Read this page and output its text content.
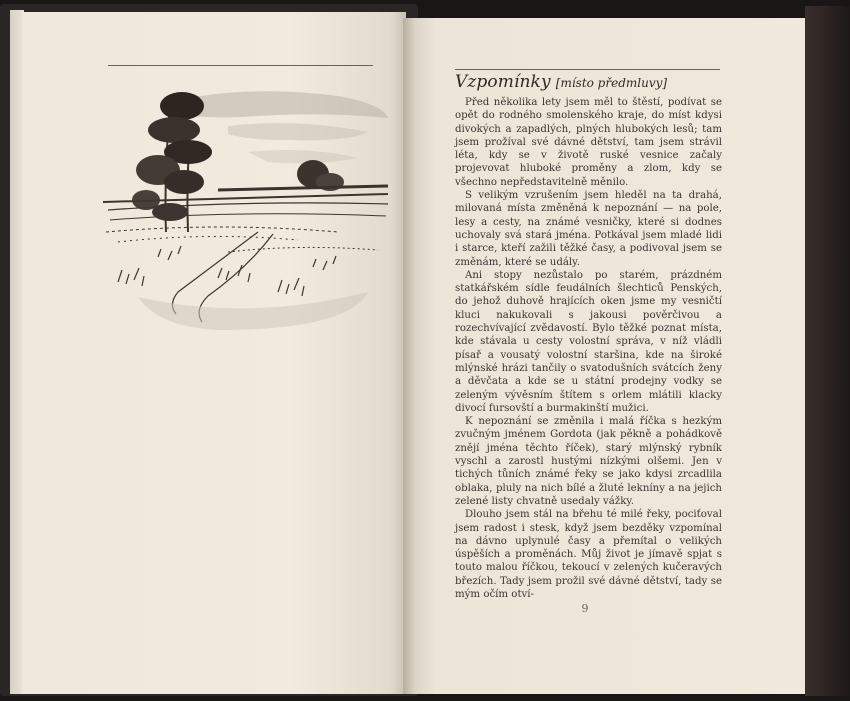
Vzpomínky [místo předmluvy]

Před několika lety jsem měl to štěstí, podívat se opět do rodného smolenského kraje, do míst kdysi divokých a zapadlých, plných hlubokých lesů; tam jsem prožíval své dávné dětství, tam jsem strávil léta, kdy se v životě ruské vesnice začaly projevovat hluboké proměny a zlom, kdy se všechno nepředstavitelně měnilo.

S velikým vzrušením jsem hleděl na ta drahá, milovaná místa změněná k nepoznání — na pole, lesy a cesty, na známé vesničky, které si dodnes uchovaly svá stará jména. Potkával jsem mladé lidi i starce, kteří zažili těžké časy, a podivoval jsem se změnám, které se udály.

Ani stopy nezůstalo po starém, prázdném statkářském sídle feudálních šlechticů Penských, do jehož duhově hrajících oken jsme my vesničtí kluci nakukovali s jakousi pověrčivou a rozechvívající zvědavostí. Bylo těžké poznat místa, kde stávala u cesty volostní správa, v níž vládli písař a vousatý volostní staršina, kde na široké mlýnské hrázi tančily o svatodušních svátcích ženy a děvčata a kde se u státní prodejny vodky se zeleným vývěsním štítem s orlem mlátili klacky divocí fursovští a burmakinští mužici.

K nepoznání se změnila i malá říčka s hezkým zvučným jménem Gordota (jak pěkně a pohádkově znějí jména těchto říček), starý mlýnský rybník vyschl a zarostl hustými nízkými olšemi. Jen v tichých tůních známé řeky se jako kdysi zrcadlila oblaka, pluly na nich bílé a žluté lekníny a na jejich zelené listy chvatně usedaly vážky.

Dlouho jsem stál na břehu té milé řeky, pociťoval jsem radost i stesk, když jsem bezděky vzpomínal na dávno uplynulé časy a přemítal o velikých úspěších a proměnách. Můj život je jímavě spjat s touto malou říčkou, tekoucí v zelených kučeravých březích. Tady jsem prožil své dávné dětství, tady se mým očím otví-

9
